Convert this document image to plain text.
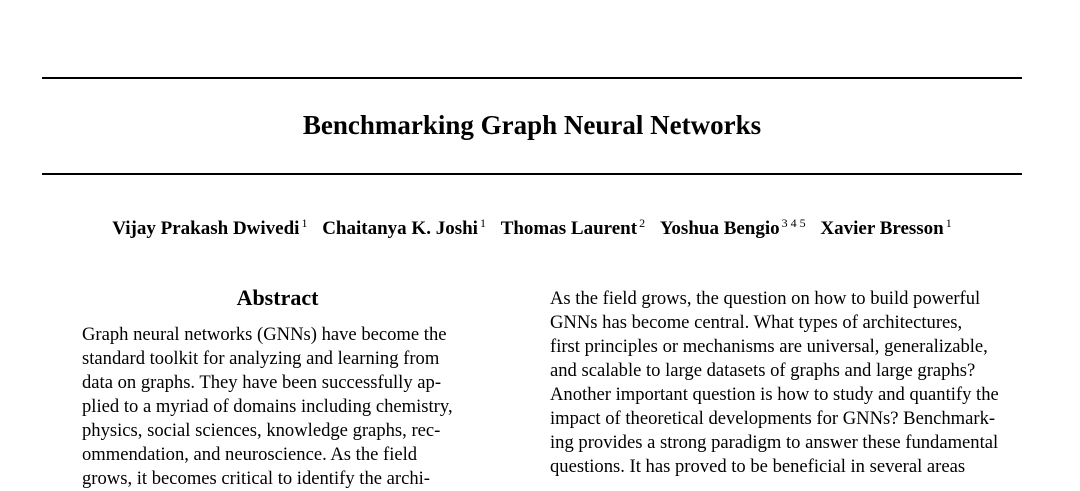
Benchmarking Graph Neural Networks
Vijay Prakash Dwivedi $^1$ Chaitanya K. Joshi $^1$ Thomas Laurent $^2$ Yoshua Bengio $^{3 4 5}$ Xavier Bresson $^1$
Abstract
Graph neural networks (GNNs) have become the
standard toolkit for analyzing and learning from
data on graphs. They have been successfully ap-
plied to a myriad of domains including chemistry,
physics, social sciences, knowledge graphs, rec-
ommendation, and neuroscience. As the field
grows, it becomes critical to identify the archi-
As the field grows, the question on how to build powerful
GNNs has become central. What types of architectures,
first principles or mechanisms are universal, generalizable,
and scalable to large datasets of graphs and large graphs?
Another important question is how to study and quantify the
impact of theoretical developments for GNNs? Benchmark-
ing provides a strong paradigm to answer these fundamental
questions. It has proved to be beneficial in several areas
